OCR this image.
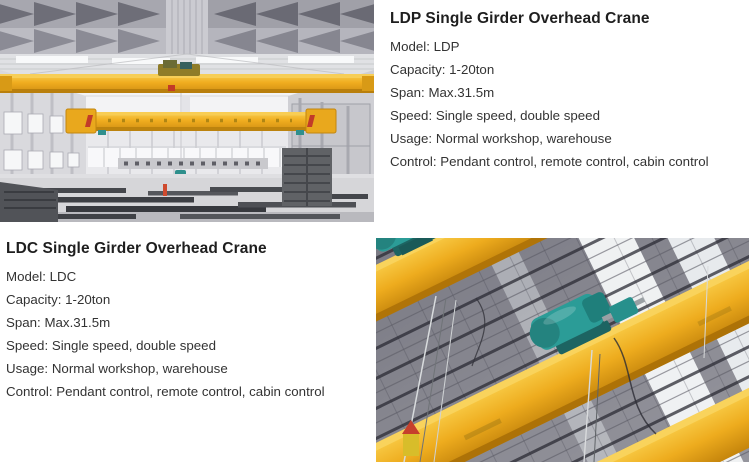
LDP Single Girder Overhead Crane

Model: LDP

Capacity: 1-20ton

Span: Max.31.5m

Speed: Single speed, double speed

Usage: Normal workshop, warehouse

Control: Pendant control, remote control, cabin control

LDC Single Girder Overhead Crane

Model: LDC

Capacity: 1-20ton

Span: Max.31.5m

Speed: Single speed, double speed

Usage: Normal workshop, warehouse

Control: Pendant control, remote control, cabin control
